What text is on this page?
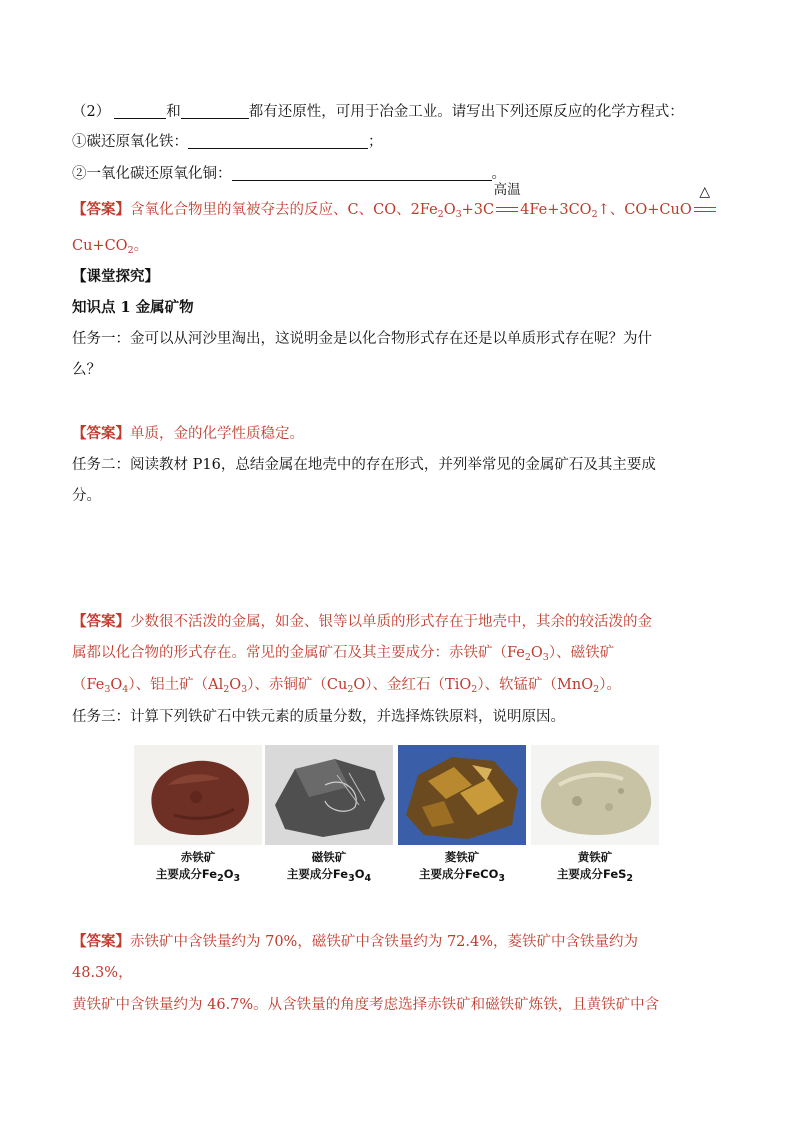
（2）	和	都有还原性，可用于冶金工业。请写出下列还原反应的化学方程式：
①碳还原氧化铁：	；
②一氧化碳还原氧化铜：	。
【答案】含氧化合物里的氧被夺去的反应、C、CO、$2Fe_2O_3+3C$
高温
$4Fe+3CO_2↑$、CO+CuO
△
$Cu+CO_2$。
【课堂探究】
知识点 1 金属矿物
任务一：金可以从河沙里淘出，这说明金是以化合物形式存在还是以单质形式存在呢？为什
么？
【答案】单质，金的化学性质稳定。
任务二：阅读教材 P16，总结金属在地壳中的存在形式，并列举常见的金属矿石及其主要成
分。
【答案】少数很不活泼的金属，如金、银等以单质的形式存在于地壳中，其余的较活泼的金
属都以化合物的形式存在。常见的金属矿石及其主要成分：赤铁矿$(Fe_2O_3)$、磁铁矿
$(Fe_3O_4)$、铝土矿$(Al_2O_3)$、赤铜矿$(Cu_2O)$、金红石（TiO$_2$）、软锰矿（MnO$_2$）。
任务三：计算下列铁矿石中铁元素的质量分数，并选择炼铁原料，说明原因。
赤铁矿
主要成分$Fe_2O_3$
磁铁矿
主要成分$Fe_3O_4$
菱铁矿
主要成分FeCO$_3$
黄铁矿
主要成分FeS$_2$
【答案】赤铁矿中含铁量约为 70%，磁铁矿中含铁量约为 72.4%，菱铁矿中含铁量约为
48.3%，
黄铁矿中含铁量约为 46.7%。从含铁量的角度考虑选择赤铁矿和磁铁矿炼铁，且黄铁矿中含
